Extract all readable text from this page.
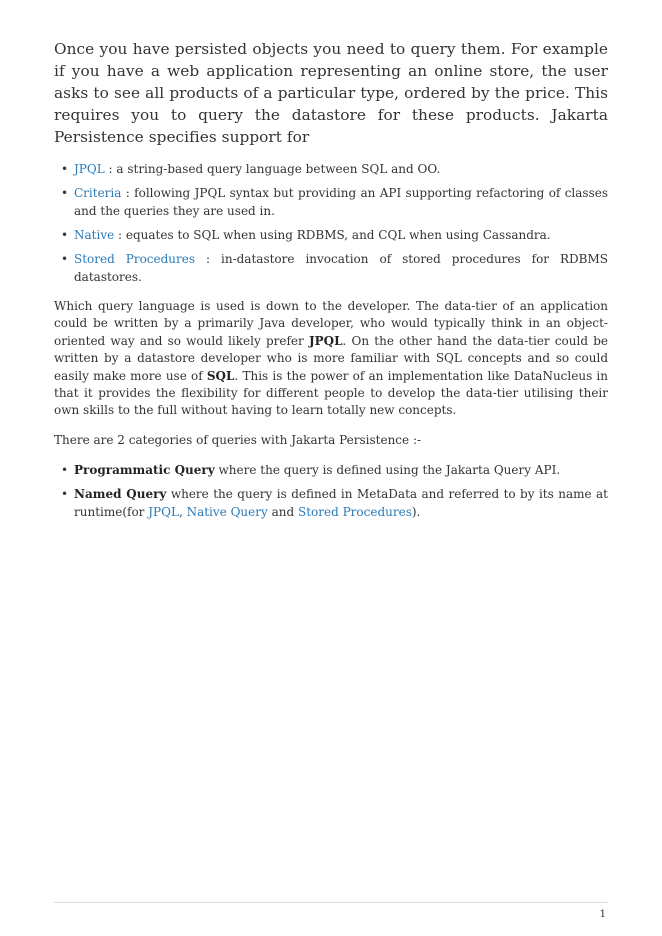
Once you have persisted objects you need to query them. For example if you have a web application representing an online store, the user asks to see all products of a particular type, ordered by the price. This requires you to query the datastore for these products. Jakarta Persistence specifies support for

• JPQL : a string-based query language between SQL and OO.
• Criteria : following JPQL syntax but providing an API supporting refactoring of classes and the queries they are used in.
• Native : equates to SQL when using RDBMS, and CQL when using Cassandra.
• Stored Procedures : in-datastore invocation of stored procedures for RDBMS datastores.

Which query language is used is down to the developer. The data-tier of an application could be written by a primarily Java developer, who would typically think in an object-oriented way and so would likely prefer JPQL. On the other hand the data-tier could be written by a datastore developer who is more familiar with SQL concepts and so could easily make more use of SQL. This is the power of an implementation like DataNucleus in that it provides the flexibility for different people to develop the data-tier utilising their own skills to the full without having to learn totally new concepts.

There are 2 categories of queries with Jakarta Persistence :-

• Programmatic Query where the query is defined using the Jakarta Query API.
• Named Query where the query is defined in MetaData and referred to by its name at runtime(for JPQL, Native Query and Stored Procedures).
1
